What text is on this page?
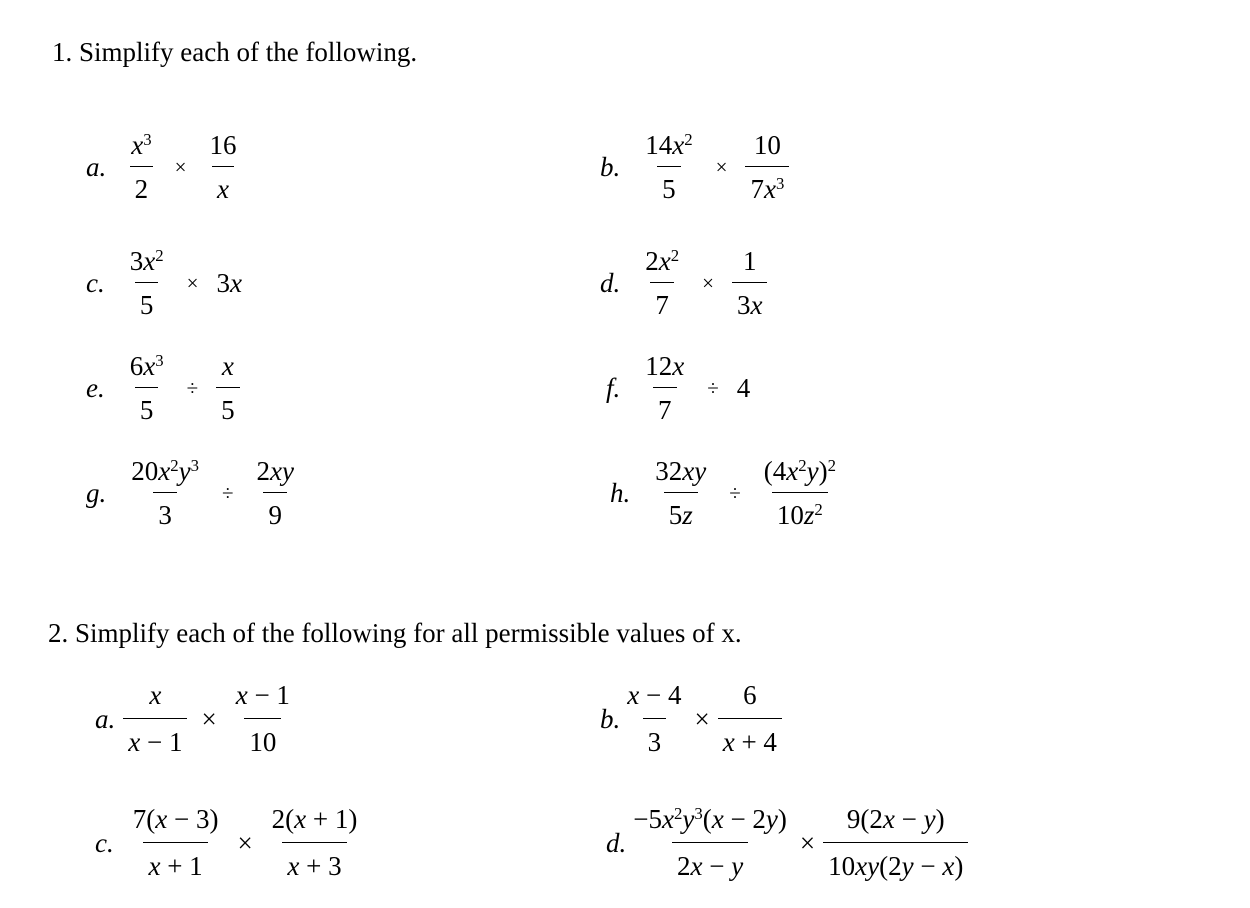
1. Simplify each of the following.
a. $\frac{x^3}{2} \times \frac{16}{x}$	b. $\frac{14x^2}{5} \times \frac{10}{7x^3}$
c. $\frac{3x^2}{5} \times 3x$	d. $\frac{2x^2}{7} \times \frac{1}{3x}$
e. $\frac{6x^3}{5} \div \frac{x}{5}$	f. $\frac{12x}{7} \div 4$
g. $\frac{20x^2y^3}{3} \div \frac{2xy}{9}$	h. $\frac{32xy}{5z} \div \frac{(4x^2y)^2}{10z^2}$
2. Simplify each of the following for all permissible values of x.
a. $\frac{x}{x - 1} \times \frac{x - 1}{10}$	b. $\frac{x - 4}{3} \times \frac{6}{x + 4}$
c. $\frac{7(x - 3)}{x + 1} \times \frac{2(x + 1)}{x + 3}$	d. $\frac{-5x^2y^3(x - 2y)}{2x - y} \times \frac{9(2x - y)}{10xy(2y - x)}$
